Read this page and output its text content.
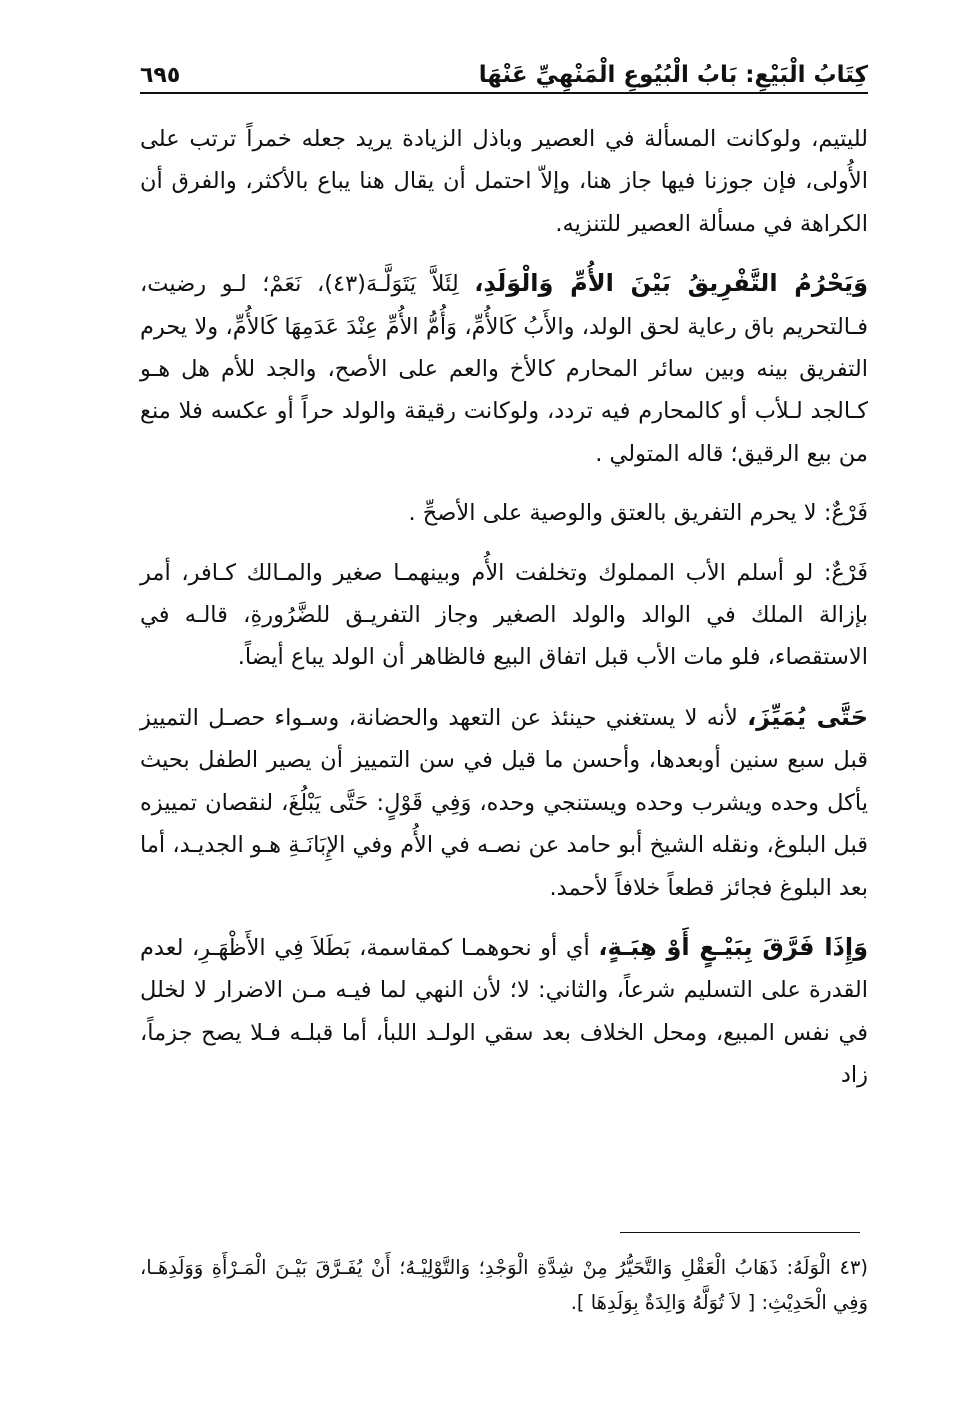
كِتَابُ الْبَيْعِ: بَابُ الْبُيُوعِ الْمَنْهِيِّ عَنْهَا
٦٩٥

لليتيم، ولوكانت المسألة في العصير وباذل الزيادة يريد جعله خمراً ترتب على الأُولى، فإن جوزنا فيها جاز هنا، وإلاّ احتمل أن يقال هنا يباع بالأكثر، والفرق أن الكراهة في مسألة العصير للتنزيه.

وَيَحْرُمُ التَّفْرِيقُ بَيْنَ الأُمِّ وَالْوَلَدِ، لِئَلاَّ يَتَوَلَّـهَ(٤٣)، نَعَمْ؛ لـو رضيت، فـالتحريم باق رعاية لحق الولد، والأَبُ كَالأُمِّ، وَأُمُّ الأُمِّ عِنْدَ عَدَمِهَا كَالأُمِّ، ولا يحرم التفريق بينه وبين سائر المحارم كالأخ والعم على الأصح، والجد للأم هل هـو كـالجد لـلأب أو كالمحارم فيه تردد، ولوكانت رقيقة والولد حراً أو عكسه فلا منع من بيع الرقيق؛ قاله المتولي .

فَرْعٌ: لا يحرم التفريق بالعتق والوصية على الأصحِّ .

فَرْعٌ: لو أسلم الأب المملوك وتخلفت الأُم وبينهمـا صغير والمـالك كـافر، أمر بإزالة الملك في الوالد والولد الصغير وجاز التفريـق للضَّرُورةِ، قالـه في الاستقصاء، فلو مات الأب قبل اتفاق البيع فالظاهر أن الولد يباع أيضاً.

حَتَّى يُمَيِّزَ، لأنه لا يستغني حينئذ عن التعهد والحضانة، وسـواء حصـل التمييز قبل سبع سنين أوبعدها، وأحسن ما قيل في سن التمييز أن يصير الطفل بحيث يأكل وحده ويشرب وحده ويستنجي وحده، وَفِي قَوْلٍ: حَتَّى يَبْلُغَ، لنقصان تمييزه قبل البلوغ، ونقله الشيخ أبو حامد عن نصـه في الأُم وفي الإِبَانَـةِ هـو الجديـد، أما بعد البلوغ فجائز قطعاً خلافاً لأحمد.

وَإِذَا فَرَّقَ بِبَيْـعٍ أَوْ هِبَـةٍ، أي أو نحوهمـا كمقاسمة، بَطَلاَ فِي الأَظْهَـرِ، لعدم القدرة على التسليم شرعاً، والثاني: لا؛ لأن النهي لما فيـه مـن الاضرار لا لخلل في نفس المبيع، ومحل الخلاف بعد سقي الولـد اللبأ، أما قبلـه فـلا يصح جزماً، زاد

(٤٣ الْوَلَهُ: ذَهَابُ الْعَقْلِ وَالتَّحَيُّرُ مِنْ شِدَّةِ الْوَجْدِ؛ وَالتَّوْلِيْـهُ؛ أَنْ يُفَـرَّقَ بَيْـنَ الْمَـرْأَةِ وَوَلَدِهَـا، وَفِي الْحَدِيْثِ: [ لاَ تُوَلَّهُ وَالِدَةٌ بِوَلَدِهَا ].
